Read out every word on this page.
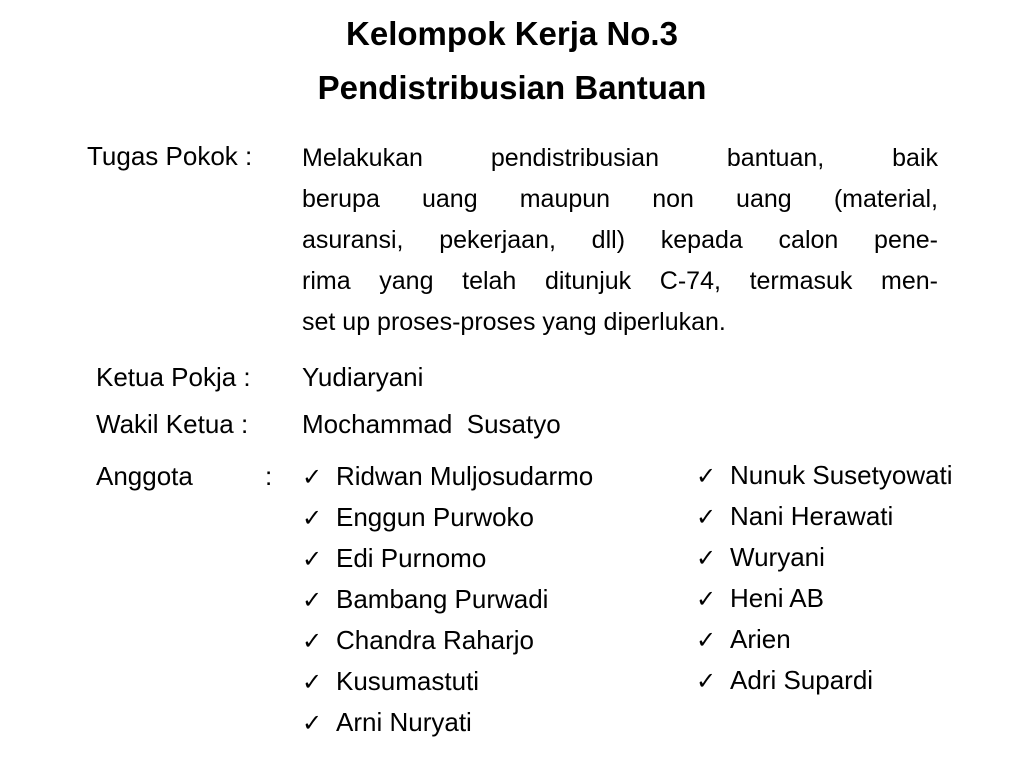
Kelompok Kerja No.3
Pendistribusian Bantuan
Tugas Pokok : Melakukan pendistribusian bantuan, baik
berupa uang maupun non uang (material,
asuransi, pekerjaan, dll) kepada calon pene-
rima yang telah ditunjuk C-74, termasuk men-
set up proses-proses yang diperlukan.
Ketua Pokja : Yudiaryani
Wakil Ketua : Mochammad  Susatyo
Anggota	: ✓ Ridwan Muljosudarmo
✓ Enggun Purwoko
✓ Edi Purnomo
✓ Bambang Purwadi
✓ Chandra Raharjo
✓ Kusumastuti
✓ Arni Nuryati
✓ Nunuk Susetyowati
✓ Nani Herawati
✓ Wuryani
✓ Heni AB
✓ Arien
✓ Adri Supardi
